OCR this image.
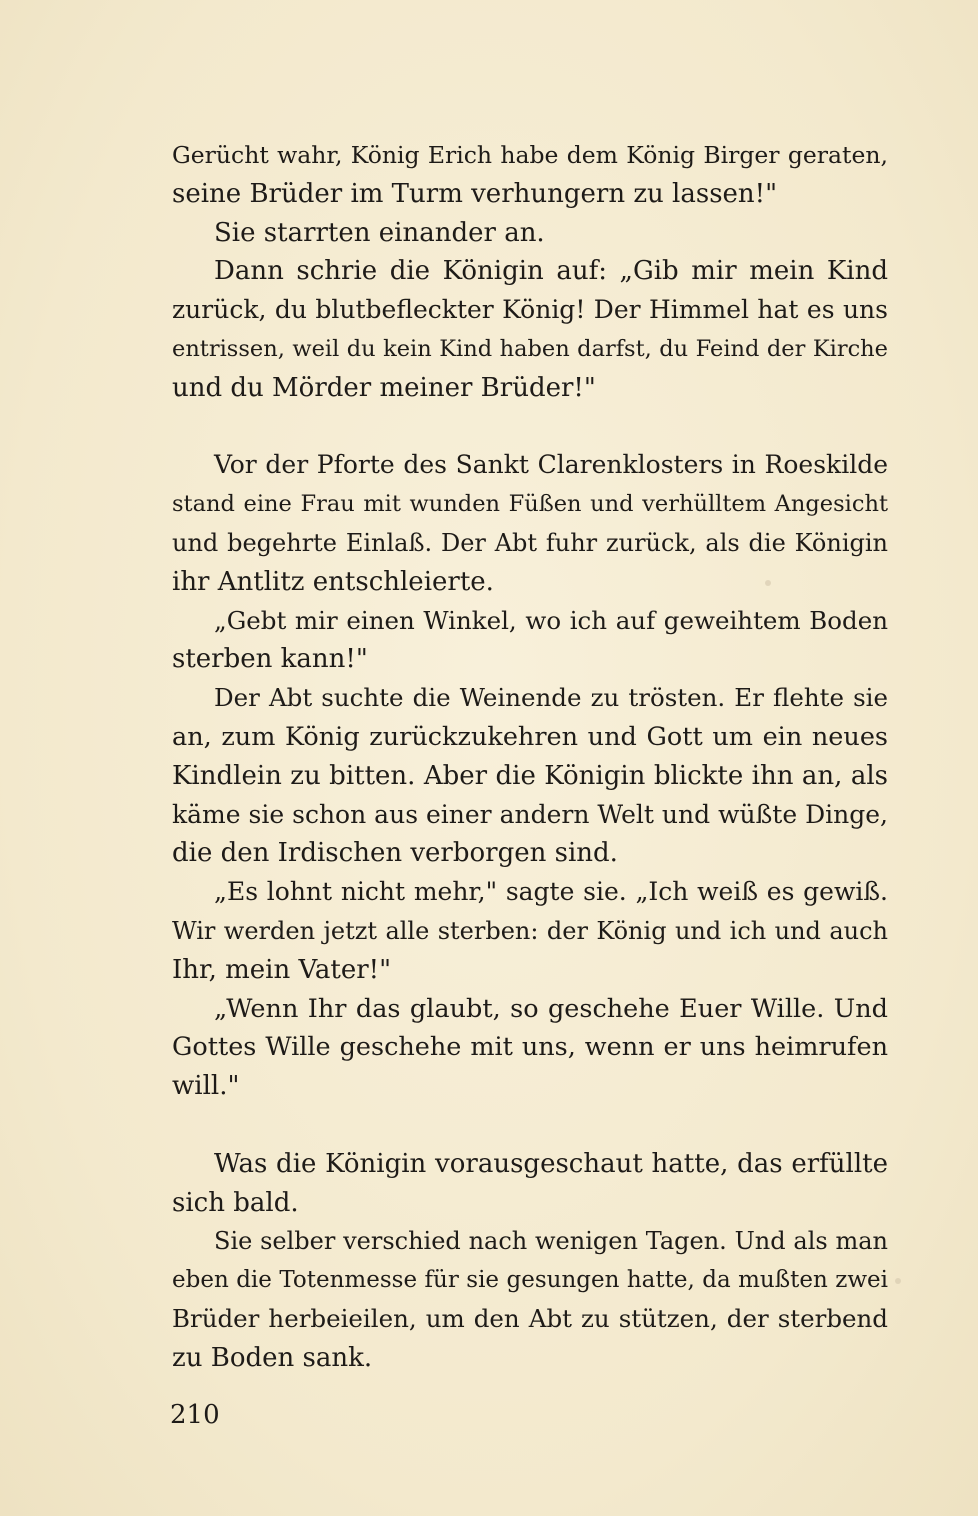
Gerücht wahr, König Erich habe dem König Birger geraten,
seine Brüder im Turm verhungern zu lassen!"
Sie starrten einander an.
Dann schrie die Königin auf: „Gib mir mein Kind
zurück, du blutbefleckter König! Der Himmel hat es uns
entrissen, weil du kein Kind haben darfst, du Feind der Kirche
und du Mörder meiner Brüder!"
Vor der Pforte des Sankt Clarenklosters in Roeskilde
stand eine Frau mit wunden Füßen und verhülltem Angesicht
und begehrte Einlaß. Der Abt fuhr zurück, als die Königin
ihr Antlitz entschleierte.
„Gebt mir einen Winkel, wo ich auf geweihtem Boden
sterben kann!"
Der Abt suchte die Weinende zu trösten. Er flehte sie
an, zum König zurückzukehren und Gott um ein neues
Kindlein zu bitten. Aber die Königin blickte ihn an, als
käme sie schon aus einer andern Welt und wüßte Dinge,
die den Irdischen verborgen sind.
„Es lohnt nicht mehr," sagte sie. „Ich weiß es gewiß.
Wir werden jetzt alle sterben: der König und ich und auch
Ihr, mein Vater!"
„Wenn Ihr das glaubt, so geschehe Euer Wille. Und
Gottes Wille geschehe mit uns, wenn er uns heimrufen
will."
Was die Königin vorausgeschaut hatte, das erfüllte
sich bald.
Sie selber verschied nach wenigen Tagen. Und als man
eben die Totenmesse für sie gesungen hatte, da mußten zwei
Brüder herbeieilen, um den Abt zu stützen, der sterbend
zu Boden sank.
210
